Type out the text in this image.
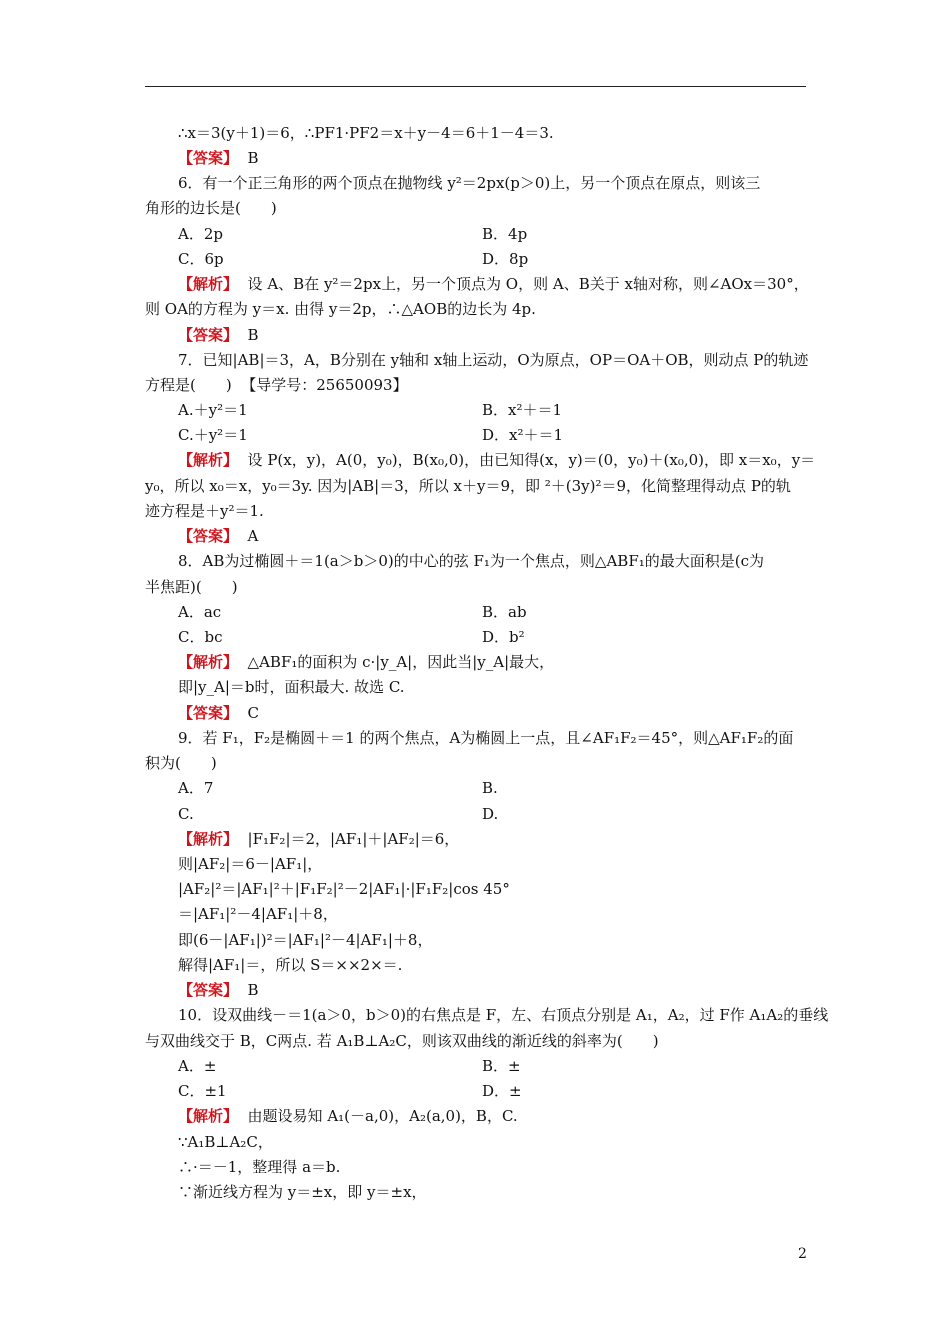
∴x＝3(y＋1)＝6，∴PF1·PF2＝x＋y－4＝6＋1－4＝3.
【答案】  B
6．有一个正三角形的两个顶点在抛物线 y²＝2px(p＞0)上，另一个顶点在原点，则该三
角形的边长是(　　)
A．2p	B．4p
C．6p	D．8p
【解析】  设 A、B在 y²＝2px上，另一个顶点为 O，则 A、B关于 x轴对称，则∠AOx＝30°，
则 OA的方程为 y＝x. 由得 y＝2p，∴△AOB的边长为 4p.
【答案】  B
7．已知|AB|＝3，A，B分别在 y轴和 x轴上运动，O为原点，OP＝OA＋OB，则动点 P的轨迹
方程是(　　)  【导学号：25650093】
A.＋y²＝1	B．x²＋＝1
C.＋y²＝1	D．x²＋＝1
【解析】  设 P(x，y)，A(0，y₀)，B(x₀,0)，由已知得(x，y)＝(0，y₀)＋(x₀,0)，即 x＝x₀，y＝
y₀，所以 x₀＝x，y₀＝3y. 因为|AB|＝3，所以 x＋y＝9，即 ²＋(3y)²＝9，化简整理得动点 P的轨
迹方程是＋y²＝1.
【答案】  A
8．AB为过椭圆＋＝1(a＞b＞0)的中心的弦 F₁为一个焦点，则△ABF₁的最大面积是(c为
半焦距)(　　)
A．ac	B．ab
C．bc	D．b²
【解析】  △ABF₁的面积为 c·|y_A|，因此当|y_A|最大，
即|y_A|＝b时，面积最大. 故选 C.
【答案】  C
9．若 F₁，F₂是椭圆＋＝1 的两个焦点，A为椭圆上一点，且∠AF₁F₂＝45°，则△AF₁F₂的面
积为(　　)
A．7	B.
C.	D.
【解析】  |F₁F₂|＝2，|AF₁|＋|AF₂|＝6，
则|AF₂|＝6－|AF₁|，
|AF₂|²＝|AF₁|²＋|F₁F₂|²－2|AF₁|·|F₁F₂|cos 45°
＝|AF₁|²－4|AF₁|＋8，
即(6－|AF₁|)²＝|AF₁|²－4|AF₁|＋8，
解得|AF₁|＝，所以 S＝××2×＝.
【答案】  B
10．设双曲线－＝1(a＞0，b＞0)的右焦点是 F，左、右顶点分别是 A₁，A₂，过 F作 A₁A₂的垂线
与双曲线交于 B，C两点. 若 A₁B⊥A₂C，则该双曲线的渐近线的斜率为(　　)
A．±	B．±
C．±1	D．±
【解析】  由题设易知 A₁(－a,0)，A₂(a,0)，B，C.
∵A₁B⊥A₂C，
∴·＝－1，整理得 a＝b.
∵渐近线方程为 y＝±x，即 y＝±x，
2
